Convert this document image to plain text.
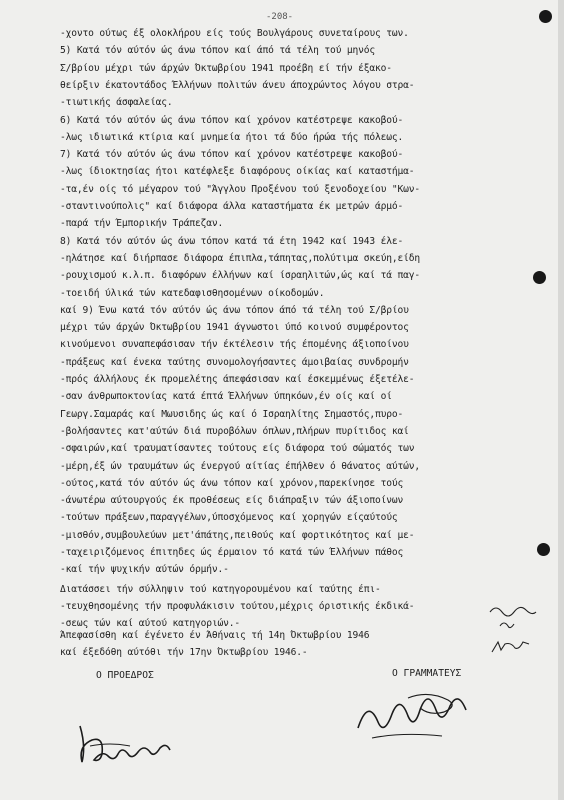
-208-
-χοντο ούτως έξ ολοκλήρου είς τούς Βουλγάρους συνεταίρους των.
5) Κατά τόν αύτόν ώς άνω τόπον καί άπό τά τέλη τού μηνός
Σ/βρίου μέχρι τών άρχών Όκτωβρίου 1941 προέβη εί τήν έξακο-
θείρξιν έκατοντάδος Έλλήνων πολιτών άνευ άποχρώντος λόγου στρα-
-τιωτικής άσφαλείας.
6) Κατά τόν αύτόν ώς άνω τόπον καί χρόνον κατέστρεψε κακοβού-
-λως ιδιωτικά κτίρια καί μνημεία ήτοι τά δύο ήρώα τής πόλεως.
7) Κατά τόν αύτόν ώς άνω τόπον καί χρόνον κατέστρεψε κακοβού-
-λως ίδιοκτησίας ήτοι κατέφλεξε διαφόρους οίκίας καί καταστήμα-
-τα,έν οίς τό μέγαρον τού "Άγγλου Προξένου τού ξενοδοχείου "Κων-
-σταντινούπολις" καί διάφορα άλλα καταστήματα έκ μετρών άρμό-
-παρά τήν Έμπορικήν Τράπεζαν.
8) Κατά τόν αύτόν ώς άνω τόπον κατά τά έτη 1942 καί 1943 έλε-
-ηλάτησε καί διήρπασε διάφορα έπιπλα,τάπητας,πολύτιμα σκεύη,είδη
-ρουχισμού κ.λ.π. διαφόρων έλλήνων καί ίσραηλιτών,ώς καί τά παγ-
-τοειδή ύλικά τών κατεδαφισθησομένων οίκοδομών.
καί 9) Ένω κατά τόν αύτόν ώς άνω τόπον άπό τά τέλη τού Σ/βρίου
μέχρι τών άρχών Όκτωβρίου 1941 άγνωστοι ύπό κοινού συμφέροντος
κινούμενοι συναπεφάσισαν τήν έκτέλεσιν τής έπομένης άξιοποίνου
-πράξεως καί ένεκα ταύτης συνομολογήσαντες άμοιβαίας συνδρομήν
-πρός άλλήλους έκ προμελέτης άπεφάσισαν καί έσκεμμένως έξετέλε-
-σαν άνθρωποκτονίας κατά έπτά Έλλήνων ύπηκόων,έν οίς καί οί
Γεωργ.Σαμαράς καί Μωυσιδης ώς καί ό Ισραηλίτης Σημαστός,πυρο-
-βολήσαντες κατ'αύτών διά πυροβόλων όπλων,πλήρων πυρίτιδος καί
-σφαιρών,καί τραυματίσαντες τούτους είς διάφορα τού σώματός των
-μέρη,έξ ών τραυμάτων ώς ένεργού αίτίας έπήλθεν ό θάνατος αύτών,
-ούτος,κατά τόν αύτόν ώς άνω τόπον καί χρόνον,παρεκίνησε τούς
-άνωτέρω αύτουργούς έκ προθέσεως είς διάπραξιν τών άξιοποίνων
-τούτων πράξεων,παραγγέλων,ύποσχόμενος καί χορηγών είςαύτούς
-μισθόν,συμβουλεύων μετ'άπάτης,πειθούς καί φορτικότητος καί με-
-ταχειριζόμενος έπιτηδες ώς έρμαιον τό κατά τών Έλλήνων πάθος
-καί τήν ψυχικήν αύτών όρμήν.-
Διατάσσει τήν σύλληψιν τού κατηγορουμένου καί ταύτης έπι-
-τευχθησομένης τήν προφυλάκισιν τούτου,μέχρις όριστικής έκδικά-
-σεως τών καί αύτού κατηγοριών.-
Άπεφασίσθη καί έγένετο έν Άθήναις τή 14η Όκτωβρίου 1946
καί έξεδόθη αύτόθι τήν 17ην Όκτωβρίου 1946.-
Ο ΠΡΟΕΔΡΟΣ	Ο ΓΡΑΜΜΑΤΕΥΣ
